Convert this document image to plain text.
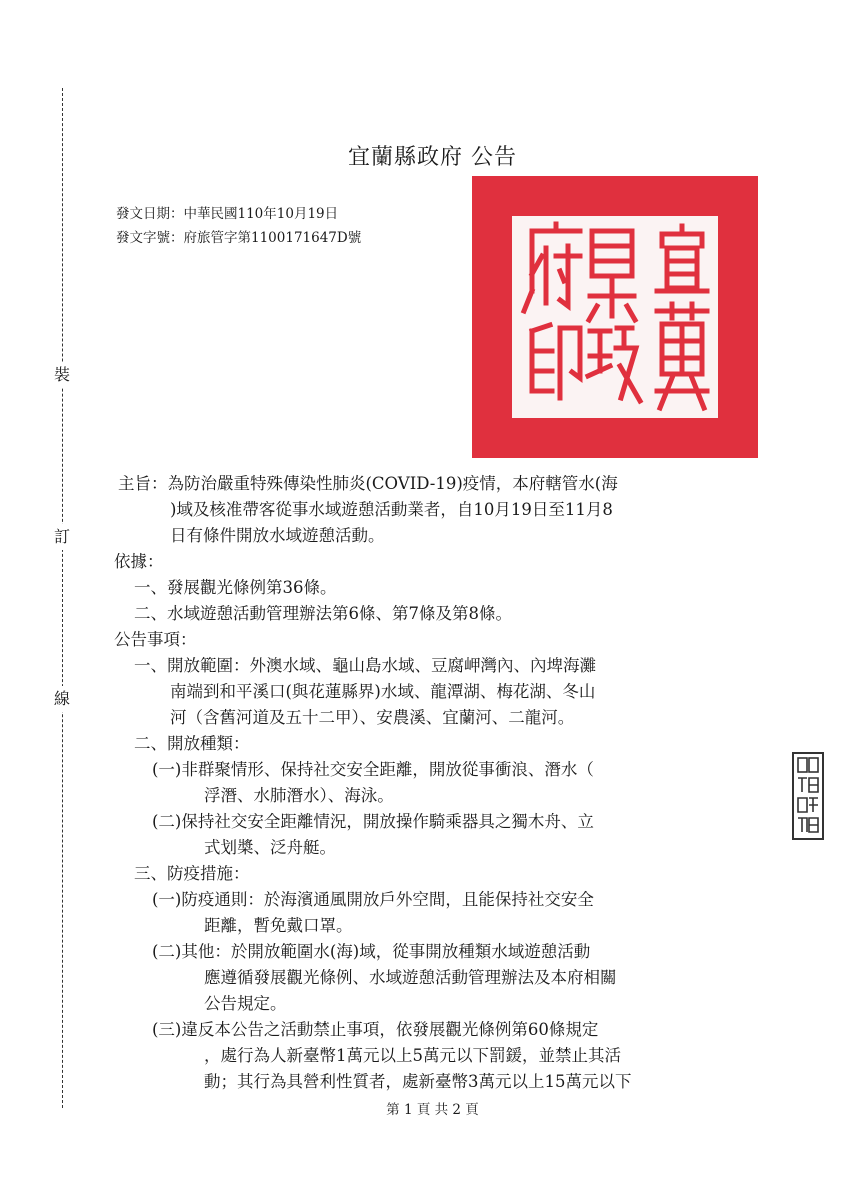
裝
訂
線
宜蘭縣政府 公告
發文日期：中華民國110年10月19日
發文字號：府旅管字第1100171647D號
主旨：為防治嚴重特殊傳染性肺炎(COVID-19)疫情，本府轄管水(海
)域及核准帶客從事水域遊憩活動業者，自10月19日至11月8
日有條件開放水域遊憩活動。
依據：
一、發展觀光條例第36條。
二、水域遊憩活動管理辦法第6條、第7條及第8條。
公告事項：
一、開放範圍：外澳水域、龜山島水域、豆腐岬灣內、內埤海灘
南端到和平溪口(與花蓮縣界)水域、龍潭湖、梅花湖、冬山
河（含舊河道及五十二甲）、安農溪、宜蘭河、二龍河。
二、開放種類：
(一)非群聚情形、保持社交安全距離，開放從事衝浪、潛水（
浮潛、水肺潛水）、海泳。
(二)保持社交安全距離情況，開放操作騎乘器具之獨木舟、立
式划槳、泛舟艇。
三、防疫措施：
(一)防疫通則：於海濱通風開放戶外空間，且能保持社交安全
距離，暫免戴口罩。
(二)其他：於開放範圍水(海)域，從事開放種類水域遊憩活動
應遵循發展觀光條例、水域遊憩活動管理辦法及本府相關
公告規定。
(三)違反本公告之活動禁止事項，依發展觀光條例第60條規定
，處行為人新臺幣1萬元以上5萬元以下罰鍰，並禁止其活
動；其行為具營利性質者，處新臺幣3萬元以上15萬元以下
第 1 頁 共 2 頁
